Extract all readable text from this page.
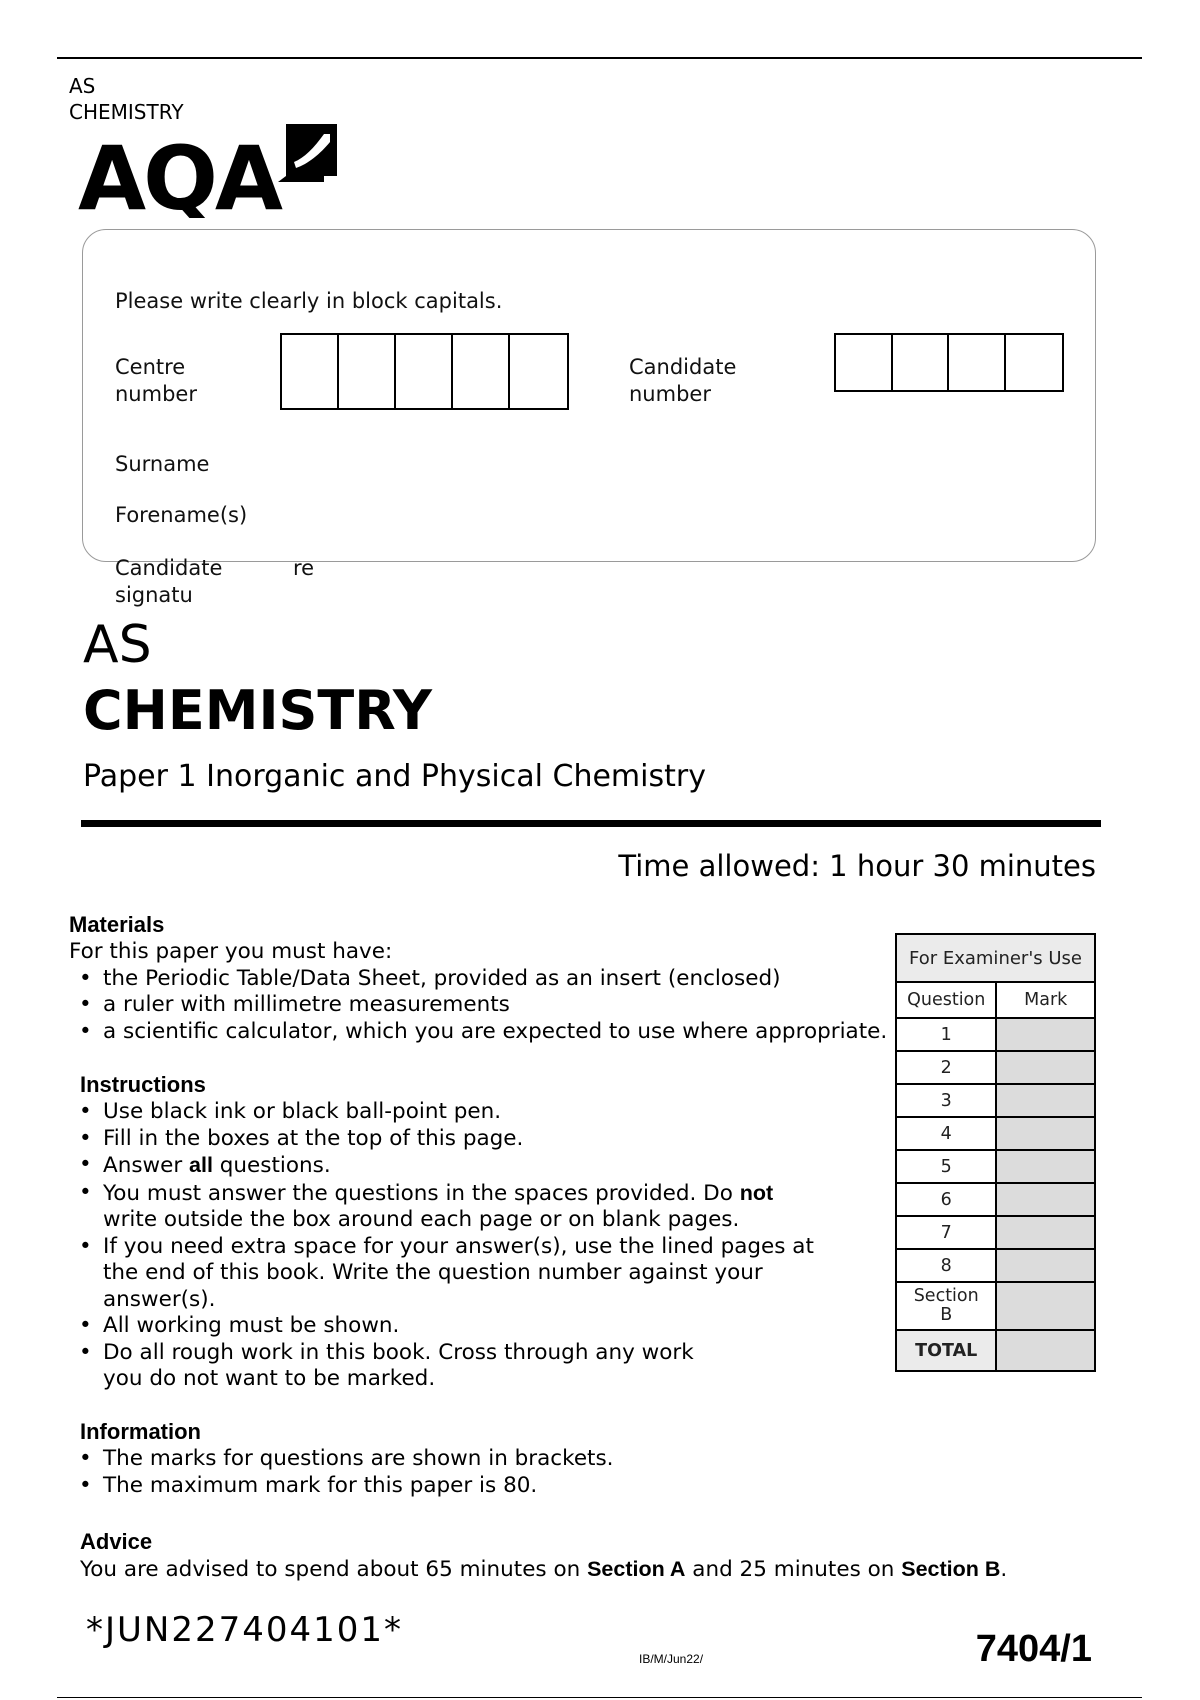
AS
CHEMISTRY
AQA
Please write clearly in block capitals.
Centre
number
Candidate
number
Surname
Forename(s)
Candidate
signatu
re
AS
CHEMISTRY
Paper 1 Inorganic and Physical Chemistry
Time allowed: 1 hour 30 minutes
Materials
For this paper you must have:
• the Periodic Table/Data Sheet, provided as an insert (enclosed)
• a ruler with millimetre measurements
• a scientific calculator, which you are expected to use where appropriate.
Instructions
• Use black ink or black ball-point pen.
• Fill in the boxes at the top of this page.
• Answer all questions.
• You must answer the questions in the spaces provided. Do not
write outside the box around each page or on blank pages.
• If you need extra space for your answer(s), use the lined pages at
the end of this book. Write the question number against your
answer(s).
• All working must be shown.
• Do all rough work in this book. Cross through any work
you do not want to be marked.
Information
• The marks for questions are shown in brackets.
• The maximum mark for this paper is 80.
Advice
You are advised to spend about 65 minutes on Section A and 25 minutes on Section B.
For Examiner's Use	
Question	Mark
1	
2	
3	
4	
5	
6	
7	
8	

Section
B	

TOTAL	
*JUN227404101*
IB/M/Jun22/	7404/1
